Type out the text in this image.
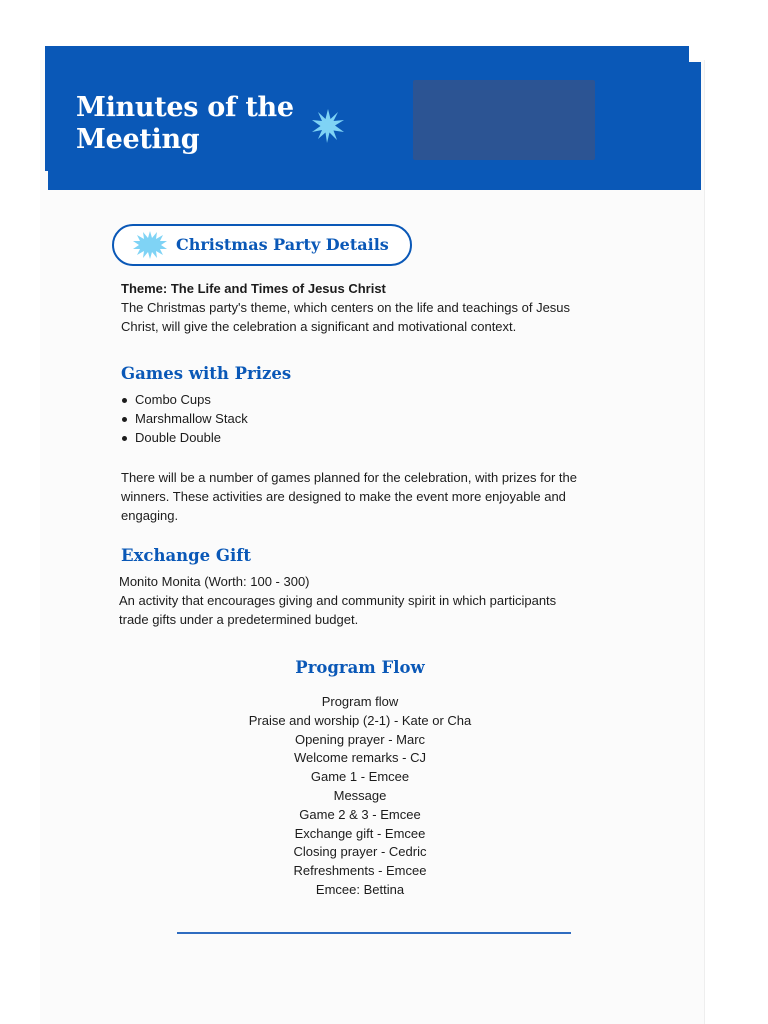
Minutes of the
Meeting
Christmas Party Details
Theme: The Life and Times of Jesus Christ
The Christmas party's theme, which centers on the life and teachings of Jesus
Christ, will give the celebration a significant and motivational context.
Games with Prizes
Combo Cups
Marshmallow Stack
Double Double
There will be a number of games planned for the celebration, with prizes for the
winners. These activities are designed to make the event more enjoyable and
engaging.
Exchange Gift
Monito Monita (Worth: 100 - 300)
An activity that encourages giving and community spirit in which participants
trade gifts under a predetermined budget.
Program Flow
Program flow
Praise and worship (2-1) - Kate or Cha
Opening prayer - Marc
Welcome remarks - CJ
Game 1 - Emcee
Message
Game 2 & 3 - Emcee
Exchange gift - Emcee
Closing prayer - Cedric
Refreshments - Emcee
Emcee: Bettina
